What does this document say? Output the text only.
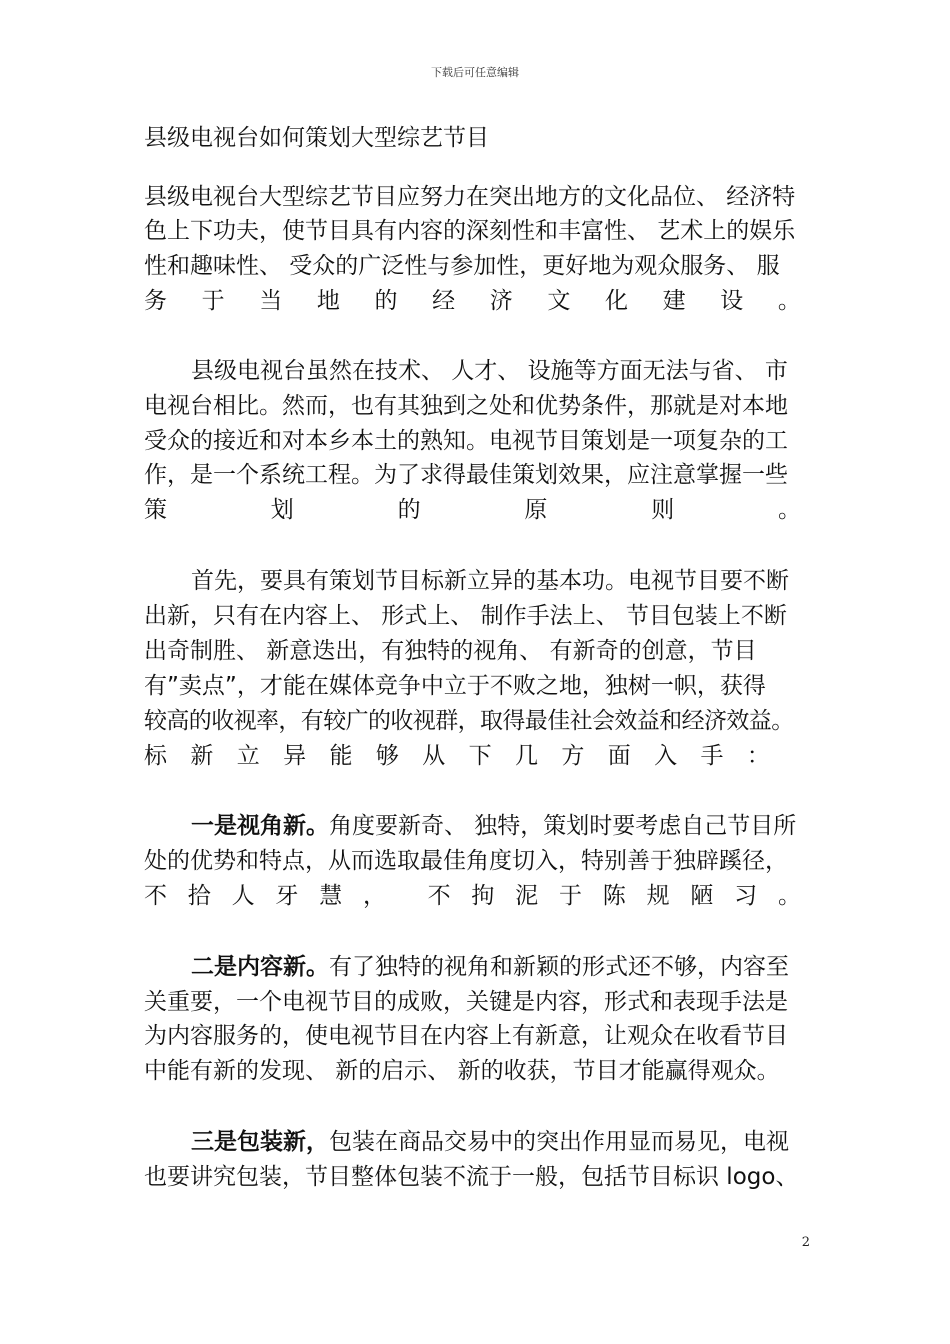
下载后可任意编辑
县级电视台如何策划大型综艺节目
县级电视台大型综艺节目应努力在突出地方的文化品位、 经济特
色上下功夫，使节目具有内容的深刻性和丰富性、 艺术上的娱乐
性和趣味性、 受众的广泛性与参加性，更好地为观众服务、 服
务 于 当 地 的 经 济 文 化 建 设 。
县级电视台虽然在技术、 人才、 设施等方面无法与省、 市
电视台相比。然而，也有其独到之处和优势条件，那就是对本地
受众的接近和对本乡本土的熟知。电视节目策划是一项复杂的工
作，是一个系统工程。为了求得最佳策划效果，应注意掌握一些
策	划	的	原	则	。
首先，要具有策划节目标新立异的基本功。电视节目要不断
出新，只有在内容上、 形式上、 制作手法上、 节目包装上不断
出奇制胜、 新意迭出，有独特的视角、 有新奇的创意，节目
有”卖点”，才能在媒体竞争中立于不败之地，独树一帜，获得
较高的收视率，有较广的收视群，取得最佳社会效益和经济效益。
标 新 立 异 能 够 从 下 几 方 面 入 手 ：
一是视角新。角度要新奇、 独特，策划时要考虑自己节目所
处的优势和特点，从而选取最佳角度切入，特别善于独辟蹊径，
不 拾 人 牙 慧 ， 不 拘 泥 于 陈 规 陋 习 。
二是内容新。有了独特的视角和新颖的形式还不够，内容至
关重要，一个电视节目的成败，关键是内容，形式和表现手法是
为内容服务的，使电视节目在内容上有新意，让观众在收看节目
中能有新的发现、 新的启示、 新的收获，节目才能赢得观众。
三是包装新，包装在商品交易中的突出作用显而易见，电视
也要讲究包装，节目整体包装不流于一般，包括节目标识 logo、
2
